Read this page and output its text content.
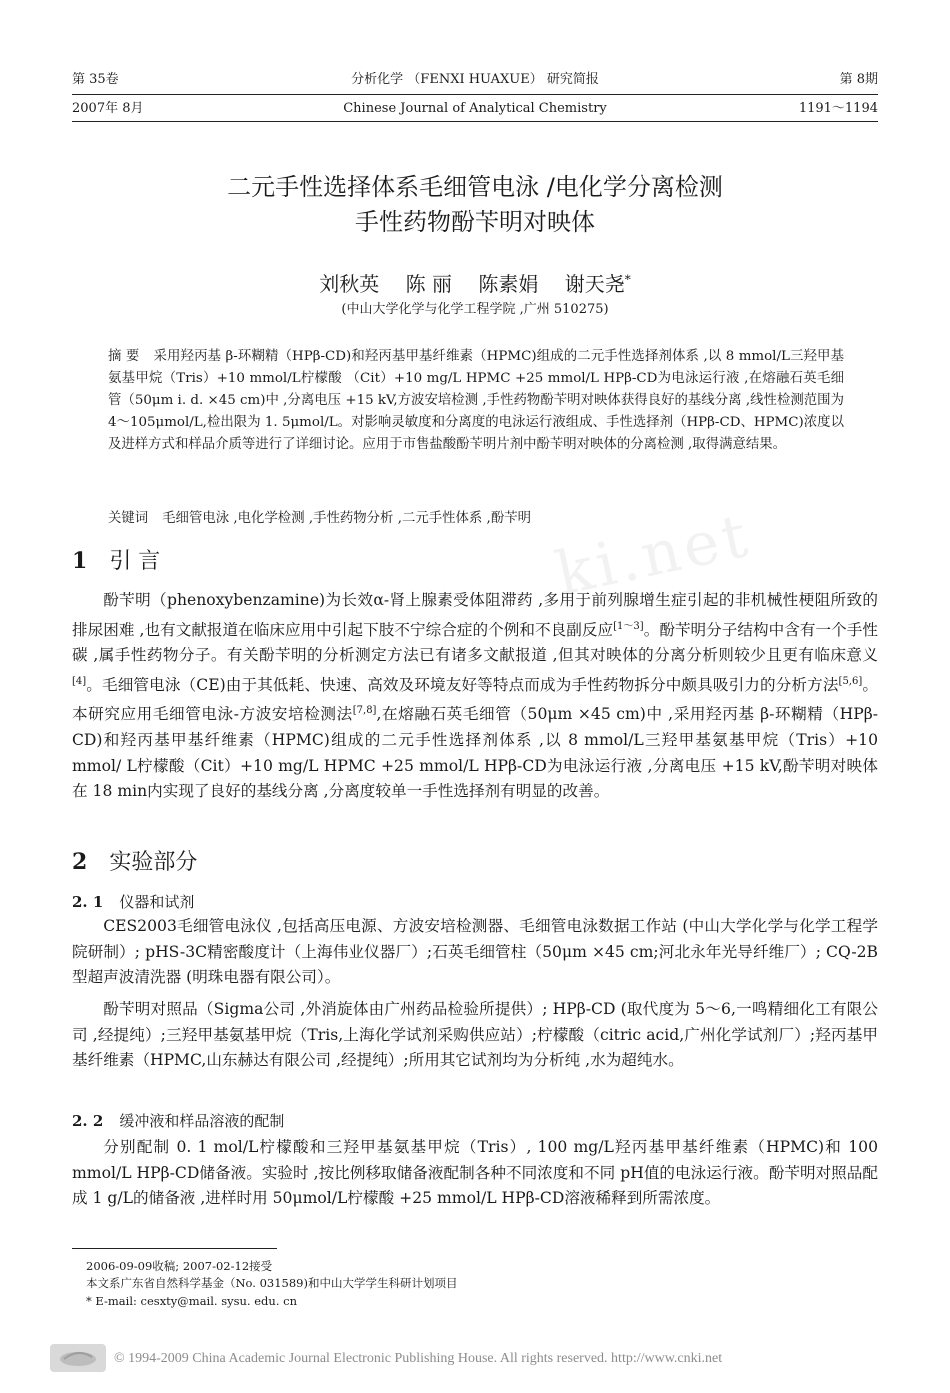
第 35卷	分析化学 （FENXI HUAXUE） 研究简报	第 8期
2007年 8月	Chinese Journal of Analytical Chemistry	1191～1194
二元手性选择体系毛细管电泳 /电化学分离检测
手性药物酚苄明对映体
刘秋英 陈 丽 陈素娟 谢天尧*
(中山大学化学与化学工程学院 ,广州 510275)
摘 要 采用羟丙基 β-环糊精（HPβ-CD)和羟丙基甲基纤维素（HPMC)组成的二元手性选择剂体系 ,以 8 mmol/L三羟甲基氨基甲烷（Tris）+10 mmol/L柠檬酸 （Cit）+10 mg/L HPMC +25 mmol/L HPβ-CD为电泳运行液 ,在熔融石英毛细管（50μm i. d. ×45 cm)中 ,分离电压 +15 kV,方波安培检测 ,手性药物酚苄明对映体获得良好的基线分离 ,线性检测范围为 4～105μmol/L,检出限为 1. 5μmol/L。对影响灵敏度和分离度的电泳运行液组成、手性选择剂（HPβ-CD、HPMC)浓度以及进样方式和样品介质等进行了详细讨论。应用于市售盐酸酚苄明片剂中酚苄明对映体的分离检测 ,取得满意结果。
关键词 毛细管电泳 ,电化学检测 ,手性药物分析 ,二元手性体系 ,酚苄明 ki.net
1 引 言
酚苄明（phenoxybenzamine)为长效α-肾上腺素受体阻滞药 ,多用于前列腺增生症引起的非机械性梗阻所致的排尿困难 ,也有文献报道在临床应用中引起下肢不宁综合症的个例和不良副反应[1～3]。酚苄明分子结构中含有一个手性碳 ,属手性药物分子。有关酚苄明的分析测定方法已有诸多文献报道 ,但其对映体的分离分析则较少且更有临床意义[4]。毛细管电泳（CE)由于其低耗、快速、高效及环境友好等特点而成为手性药物拆分中颇具吸引力的分析方法[5,6]。本研究应用毛细管电泳-方波安培检测法[7,8],在熔融石英毛细管（50μm ×45 cm)中 ,采用羟丙基 β-环糊精（HPβ-CD)和羟丙基甲基纤维素（HPMC)组成的二元手性选择剂体系 ,以 8 mmol/L三羟甲基氨基甲烷（Tris）+10 mmol/ L柠檬酸（Cit）+10 mg/L HPMC +25 mmol/L HPβ-CD为电泳运行液 ,分离电压 +15 kV,酚苄明对映体在 18 min内实现了良好的基线分离 ,分离度较单一手性选择剂有明显的改善。
2 实验部分
2. 1 仪器和试剂
CES2003毛细管电泳仪 ,包括高压电源、方波安培检测器、毛细管电泳数据工作站 (中山大学化学与化学工程学院研制）; pHS-3C精密酸度计（上海伟业仪器厂）;石英毛细管柱（50μm ×45 cm;河北永年光导纤维厂）; CQ-2B型超声波清洗器 (明珠电器有限公司）。
酚苄明对照品（Sigma公司 ,外消旋体由广州药品检验所提供）; HPβ-CD (取代度为 5～6,一鸣精细化工有限公司 ,经提纯）;三羟甲基氨基甲烷（Tris,上海化学试剂采购供应站）;柠檬酸（citric acid,广州化学试剂厂）;羟丙基甲基纤维素（HPMC,山东赫达有限公司 ,经提纯）;所用其它试剂均为分析纯 ,水为超纯水。
2. 2 缓冲液和样品溶液的配制
分别配制 0. 1 mol/L柠檬酸和三羟甲基氨基甲烷（Tris）, 100 mg/L羟丙基甲基纤维素（HPMC)和 100 mmol/L HPβ-CD储备液。实验时 ,按比例移取储备液配制各种不同浓度和不同 pH值的电泳运行液。酚苄明对照品配成 1 g/L的储备液 ,进样时用 50μmol/L柠檬酸 +25 mmol/L HPβ-CD溶液稀释到所需浓度。
2006-09-09收稿; 2007-02-12接受
本文系广东省自然科学基金（No. 031589)和中山大学学生科研计划项目
* E-mail: cesxty@mail. sysu. edu. cn
© 1994-2009 China Academic Journal Electronic Publishing House. All rights reserved. http://www.cnki.net
